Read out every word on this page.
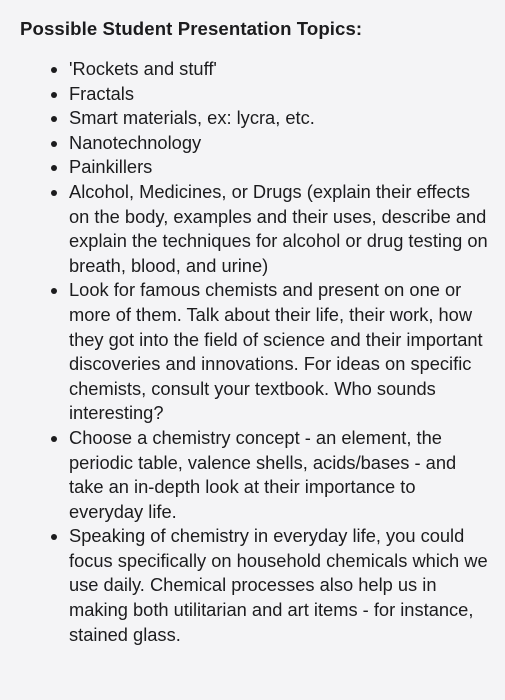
Possible Student Presentation Topics:
'Rockets and stuff'
Fractals
Smart materials, ex: lycra, etc.
Nanotechnology
Painkillers
Alcohol, Medicines, or Drugs (explain their effects on the body, examples and their uses, describe and explain the techniques for alcohol or drug testing on breath, blood, and urine)
Look for famous chemists and present on one or more of them. Talk about their life, their work, how they got into the field of science and their important discoveries and innovations. For ideas on specific chemists, consult your textbook. Who sounds interesting?
Choose a chemistry concept - an element, the periodic table, valence shells, acids/bases - and take an in-depth look at their importance to everyday life.
Speaking of chemistry in everyday life, you could focus specifically on household chemicals which we use daily. Chemical processes also help us in making both utilitarian and art items - for instance, stained glass.
